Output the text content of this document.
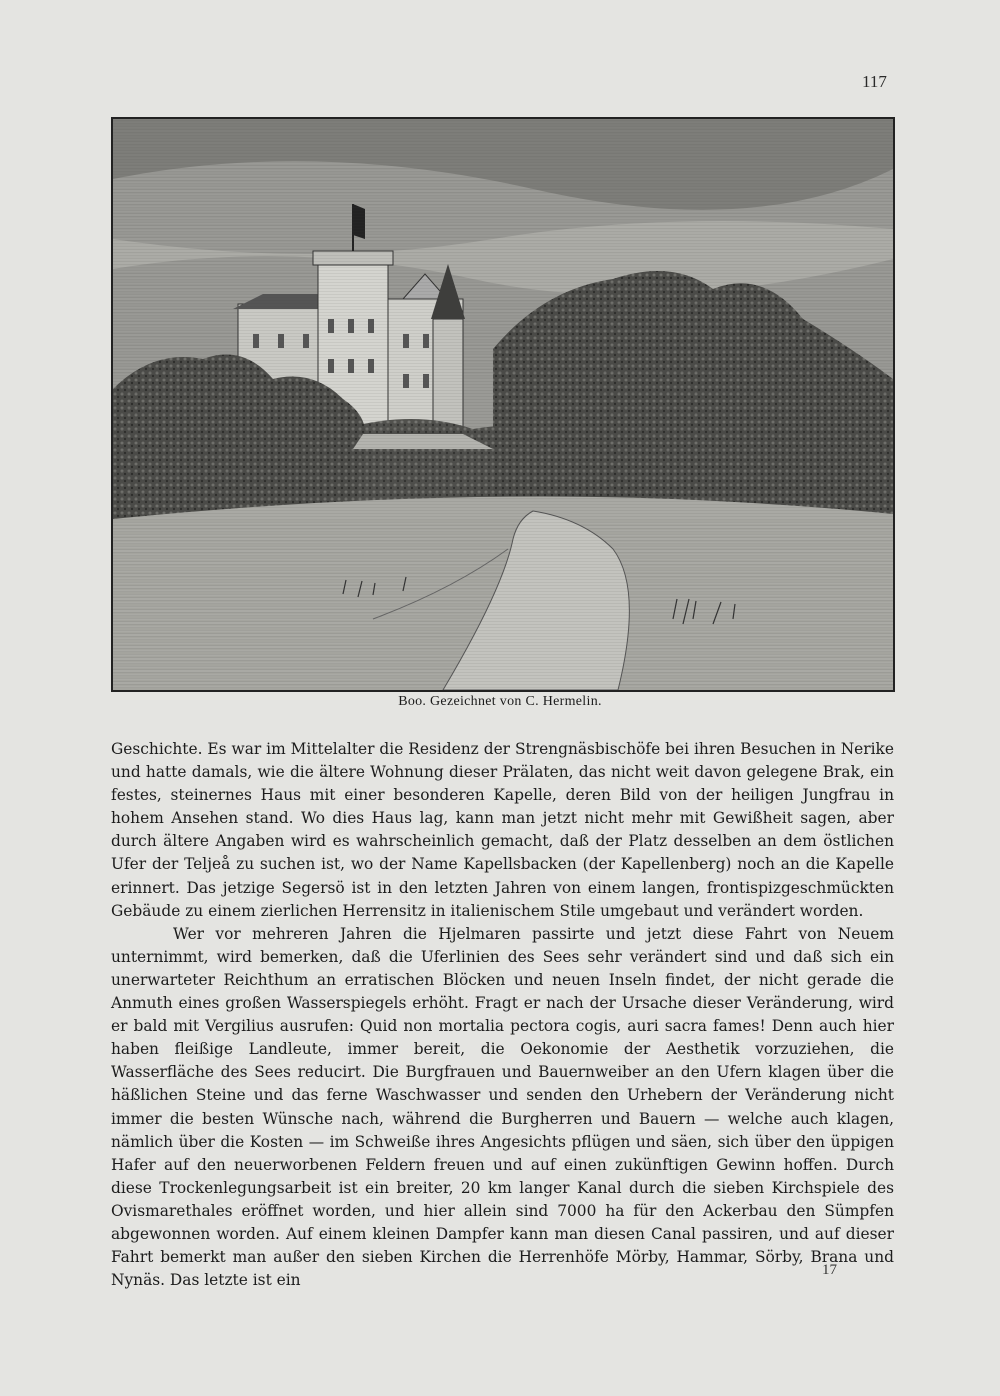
117
Boo. Gezeichnet von C. Hermelin.

Geschichte. Es war im Mittelalter die Residenz der Strengnäsbischöfe bei ihren Besuchen in Nerike und hatte damals, wie die ältere Wohnung dieser Prälaten, das nicht weit davon gelegene Brak, ein festes, steinernes Haus mit einer besonderen Kapelle, deren Bild von der heiligen Jungfrau in hohem Ansehen stand. Wo dies Haus lag, kann man jetzt nicht mehr mit Gewißheit sagen, aber durch ältere Angaben wird es wahrscheinlich gemacht, daß der Platz desselben an dem östlichen Ufer der Teljeå zu suchen ist, wo der Name Kapellsbacken (der Kapellenberg) noch an die Kapelle erinnert. Das jetzige Segersö ist in den letzten Jahren von einem langen, frontispizgeschmückten Gebäude zu einem zierlichen Herrensitz in italienischem Stile umgebaut und verändert worden.

Wer vor mehreren Jahren die Hjelmaren passirte und jetzt diese Fahrt von Neuem unternimmt, wird bemerken, daß die Uferlinien des Sees sehr verändert sind und daß sich ein unerwarteter Reichthum an erratischen Blöcken und neuen Inseln findet, der nicht gerade die Anmuth eines großen Wasserspiegels erhöht. Fragt er nach der Ursache dieser Veränderung, wird er bald mit Vergilius ausrufen: Quid non mortalia pectora cogis, auri sacra fames! Denn auch hier haben fleißige Landleute, immer bereit, die Oekonomie der Aesthetik vorzuziehen, die Wasserfläche des Sees reducirt. Die Burgfrauen und Bauernweiber an den Ufern klagen über die häßlichen Steine und das ferne Waschwasser und senden den Urhebern der Veränderung nicht immer die besten Wünsche nach, während die Burgherren und Bauern — welche auch klagen, nämlich über die Kosten — im Schweiße ihres Angesichts pflügen und säen, sich über den üppigen Hafer auf den neuerworbenen Feldern freuen und auf einen zukünftigen Gewinn hoffen. Durch diese Trockenlegungsarbeit ist ein breiter, 20 km langer Kanal durch die sieben Kirchspiele des Ovismarethales eröffnet worden, und hier allein sind 7000 ha für den Ackerbau den Sümpfen abgewonnen worden. Auf einem kleinen Dampfer kann man diesen Canal passiren, und auf dieser Fahrt bemerkt man außer den sieben Kirchen die Herrenhöfe Mörby, Hammar, Sörby, Brana und Nynäs. Das letzte ist ein

17
